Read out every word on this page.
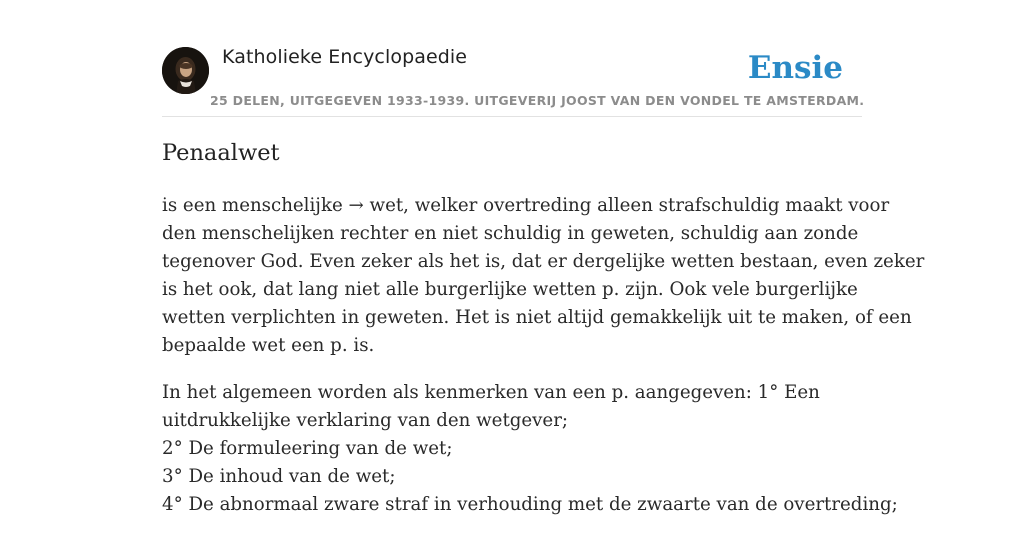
Katholieke Encyclopaedie	Ensie
25 DELEN, UITGEGEVEN 1933-1939. UITGEVERIJ JOOST VAN DEN VONDEL TE AMSTERDAM.
Penaalwet

is een menschelijke → wet, welker overtreding alleen strafschuldig maakt voor
den menschelijken rechter en niet schuldig in geweten, schuldig aan zonde
tegenover God. Even zeker als het is, dat er dergelijke wetten bestaan, even zeker
is het ook, dat lang niet alle burgerlijke wetten p. zijn. Ook vele burgerlijke
wetten verplichten in geweten. Het is niet altijd gemakkelijk uit te maken, of een
bepaalde wet een p. is.

In het algemeen worden als kenmerken van een p. aangegeven: 1° Een
uitdrukkelijke verklaring van den wetgever;
2° De formuleering van de wet;
3° De inhoud van de wet;
4° De abnormaal zware straf in verhouding met de zwaarte van de overtreding;
